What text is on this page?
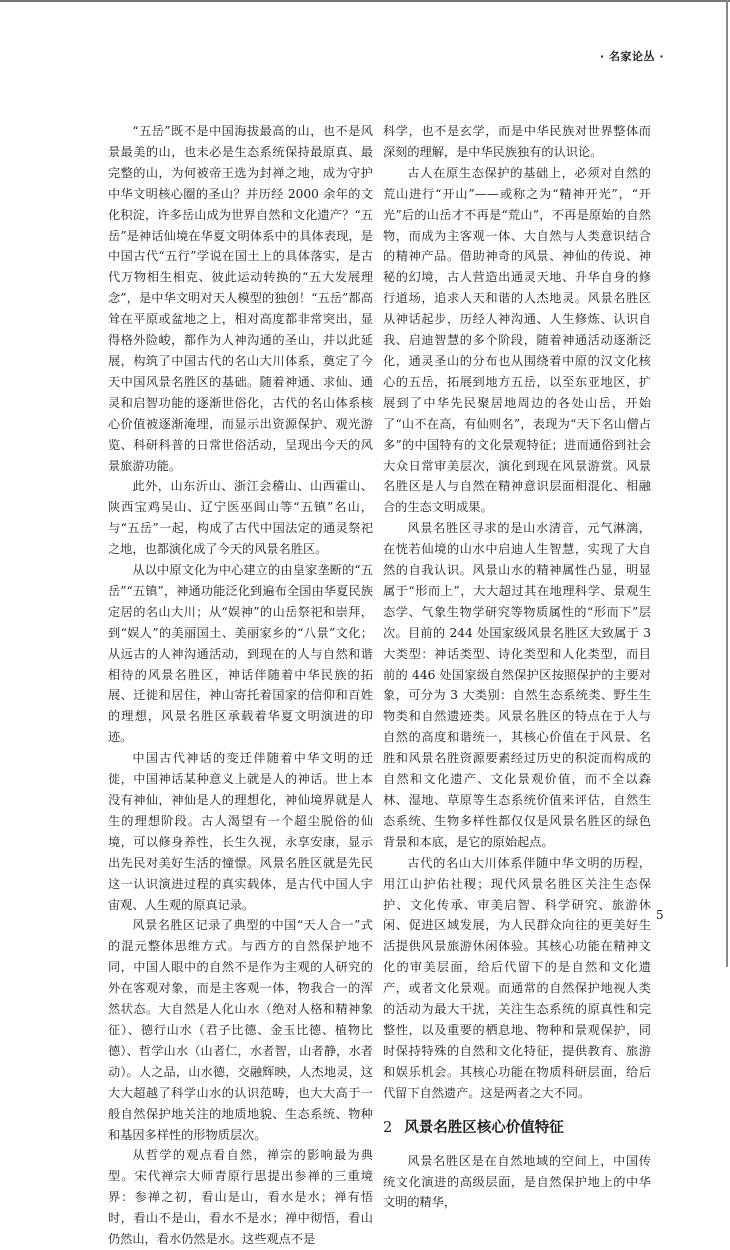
· 名家论丛 ·

“五岳”既不是中国海拔最高的山，也不是风景最美的山，也未必是生态系统保持最原真、最完整的山，为何被帝王选为封禅之地，成为守护中华文明核心圈的圣山？并历经 2000 余年的文化积淀，许多岳山成为世界自然和文化遗产？“五岳”是神话仙境在华夏文明体系中的具体表现，是中国古代“五行”学说在国土上的具体落实，是古代万物相生相克、彼此运动转换的“五大发展理念”，是中华文明对天人模型的独创！“五岳”都高耸在平原或盆地之上，相对高度都非常突出，显得格外险峻，都作为人神沟通的圣山，并以此延展，构筑了中国古代的名山大川体系，奠定了今天中国风景名胜区的基础。随着神通、求仙、通灵和启智功能的逐渐世俗化，古代的名山体系核心价值被逐渐淹埋，而显示出资源保护、观光游览、科研科普的日常世俗活动，呈现出今天的风景旅游功能。

此外，山东沂山、浙江会稽山、山西霍山、陕西宝鸡吴山、辽宁医巫闾山等“五镇”名山，与“五岳”一起，构成了古代中国法定的通灵祭祀之地，也都演化成了今天的风景名胜区。

从以中原文化为中心建立的由皇家垄断的“五岳”“五镇”，神通功能泛化到遍布全国由华夏民族定居的名山大川；从“娱神”的山岳祭祀和崇拜，到“娱人”的美丽国土、美丽家乡的“八景”文化；从远古的人神沟通活动，到现在的人与自然和谐相待的风景名胜区，神话伴随着中华民族的拓展、迁徙和居住，神山寄托着国家的信仰和百姓的理想，风景名胜区承载着华夏文明演进的印迹。

中国古代神话的变迁伴随着中华文明的迁徙，中国神话某种意义上就是人的神话。世上本没有神仙，神仙是人的理想化，神仙境界就是人生的理想阶段。古人渴望有一个超尘脱俗的仙境，可以修身养性，长生久视，永享安康，显示出先民对美好生活的憧憬。风景名胜区就是先民这一认识演进过程的真实载体，是古代中国人宇宙观、人生观的原真记录。

风景名胜区记录了典型的中国“天人合一”式的混元整体思维方式。与西方的自然保护地不同，中国人眼中的自然不是作为主观的人研究的外在客观对象，而是主客观一体，物我合一的浑然状态。大自然是人化山水（绝对人格和精神象征）、德行山水（君子比德、金玉比德、植物比德）、哲学山水（山者仁，水者智，山者静，水者动）。人之品，山水德，交融辉映，人杰地灵，这大大超越了科学山水的认识范畴，也大大高于一般自然保护地关注的地质地貌、生态系统、物种和基因多样性的形物质层次。

从哲学的观点看自然，禅宗的影响最为典型。宋代禅宗大师青原行思提出参禅的三重境界：参禅之初，看山是山，看水是水；禅有悟时，看山不是山，看水不是水；禅中彻悟，看山仍然山，看水仍然是水。这些观点不是

科学，也不是玄学，而是中华民族对世界整体而深刻的理解，是中华民族独有的认识论。

古人在原生态保护的基础上，必须对自然的荒山进行“开山”——或称之为“精神开光”，“开光”后的山岳才不再是“荒山”，不再是原始的自然物，而成为主客观一体、大自然与人类意识结合的精神产品。借助神奇的风景、神仙的传说、神秘的幻境，古人营造出通灵天地、升华自身的修行道场，追求人天和谐的人杰地灵。风景名胜区从神话起步，历经人神沟通、人生修炼、认识自我、启迪智慧的多个阶段，随着神通活动逐渐泛化，通灵圣山的分布也从围绕着中原的汉文化核心的五岳，拓展到地方五岳，以至东亚地区，扩展到了中华先民聚居地周边的各处山岳，开始了“山不在高，有仙则名”，表现为“天下名山僧占多”的中国特有的文化景观特征；进而通俗到社会大众日常审美层次，演化到现在风景游赏。风景名胜区是人与自然在精神意识层面相混化、相融合的生态文明成果。

风景名胜区寻求的是山水清音，元气淋漓，在恍若仙境的山水中启迪人生智慧，实现了大自然的自我认识。风景山水的精神属性凸显，明显属于“形而上”，大大超过其在地理科学、景观生态学、气象生物学研究等物质属性的“形而下”层次。目前的 244 处国家级风景名胜区大致属于 3 大类型：神话类型、诗化类型和人化类型，而目前的 446 处国家级自然保护区按照保护的主要对象，可分为 3 大类别：自然生态系统类、野生生物类和自然遗迹类。风景名胜区的特点在于人与自然的高度和谐统一，其核心价值在于风景、名胜和风景名胜资源要素经过历史的积淀而构成的自然和文化遗产、文化景观价值，而不全以森林、湿地、草原等生态系统价值来评估，自然生态系统、生物多样性都仅仅是风景名胜区的绿色背景和本底，是它的原始起点。

古代的名山大川体系伴随中华文明的历程，用江山护佑社稷；现代风景名胜区关注生态保护、文化传承、审美启智、科学研究、旅游休闲、促进区域发展，为人民群众向往的更美好生活提供风景旅游休闲体验。其核心功能在精神文化的审美层面，给后代留下的是自然和文化遗产，或者文化景观。而通常的自然保护地视人类的活动为最大干扰，关注生态系统的原真性和完整性，以及重要的栖息地、物种和景观保护，同时保持特殊的自然和文化特征，提供教育、旅游和娱乐机会。其核心功能在物质科研层面，给后代留下自然遗产。这是两者之大不同。

2 风景名胜区核心价值特征

风景名胜区是在自然地域的空间上，中国传统文化演进的高级层面，是自然保护地上的中华文明的精华，

5
